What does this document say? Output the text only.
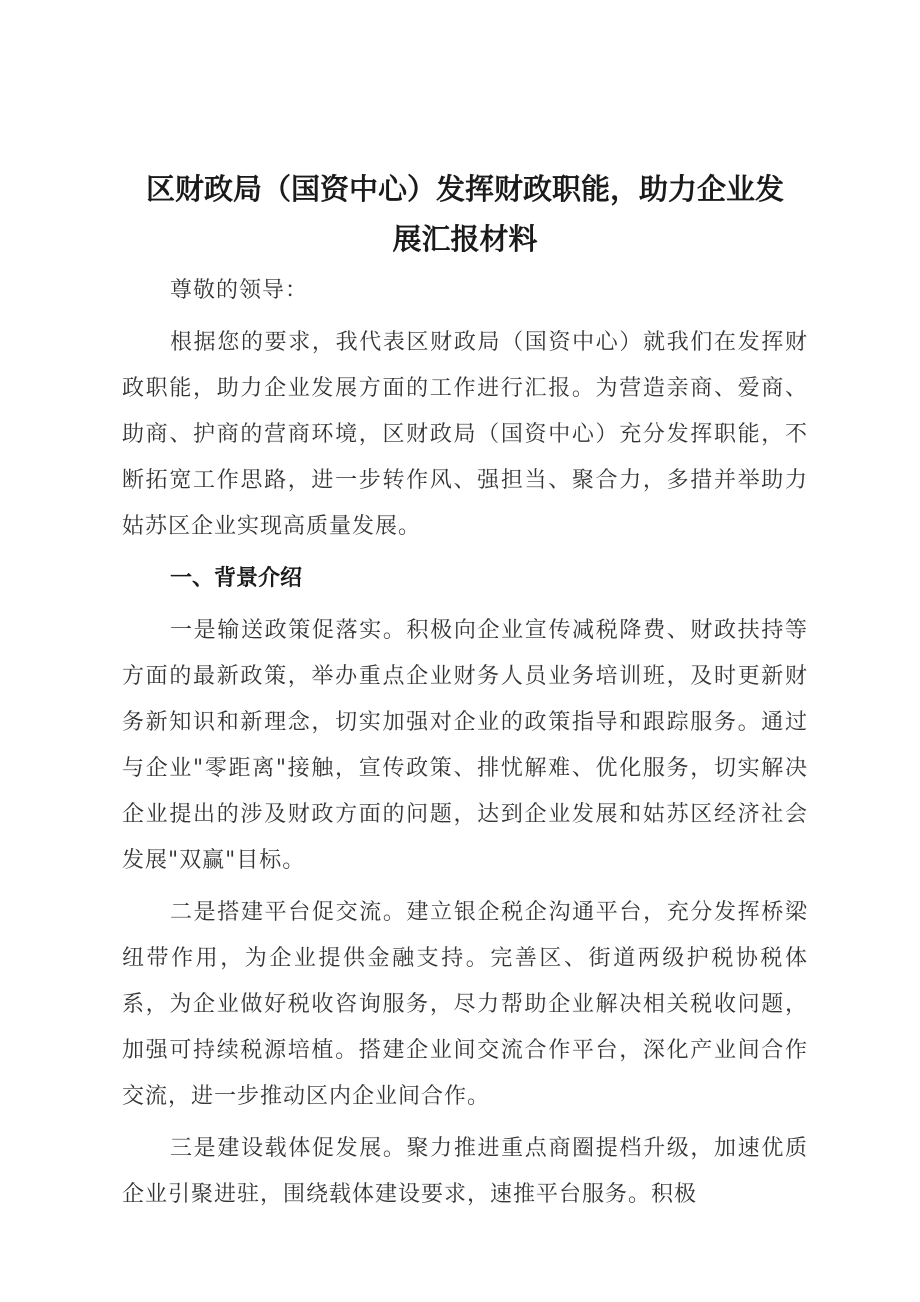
区财政局（国资中心）发挥财政职能，助力企业发
展汇报材料

尊敬的领导：

根据您的要求，我代表区财政局（国资中心）就我们在发挥财政职能，助力企业发展方面的工作进行汇报。为营造亲商、爱商、助商、护商的营商环境，区财政局（国资中心）充分发挥职能，不断拓宽工作思路，进一步转作风、强担当、聚合力，多措并举助力姑苏区企业实现高质量发展。

一、背景介绍

一是输送政策促落实。积极向企业宣传减税降费、财政扶持等方面的最新政策，举办重点企业财务人员业务培训班，及时更新财务新知识和新理念，切实加强对企业的政策指导和跟踪服务。通过与企业"零距离"接触，宣传政策、排忧解难、优化服务，切实解决企业提出的涉及财政方面的问题，达到企业发展和姑苏区经济社会发展"双赢"目标。

二是搭建平台促交流。建立银企税企沟通平台，充分发挥桥梁纽带作用，为企业提供金融支持。完善区、街道两级护税协税体系，为企业做好税收咨询服务，尽力帮助企业解决相关税收问题，加强可持续税源培植。搭建企业间交流合作平台，深化产业间合作交流，进一步推动区内企业间合作。

三是建设载体促发展。聚力推进重点商圈提档升级，加速优质企业引聚进驻，围绕载体建设要求，速推平台服务。积极
